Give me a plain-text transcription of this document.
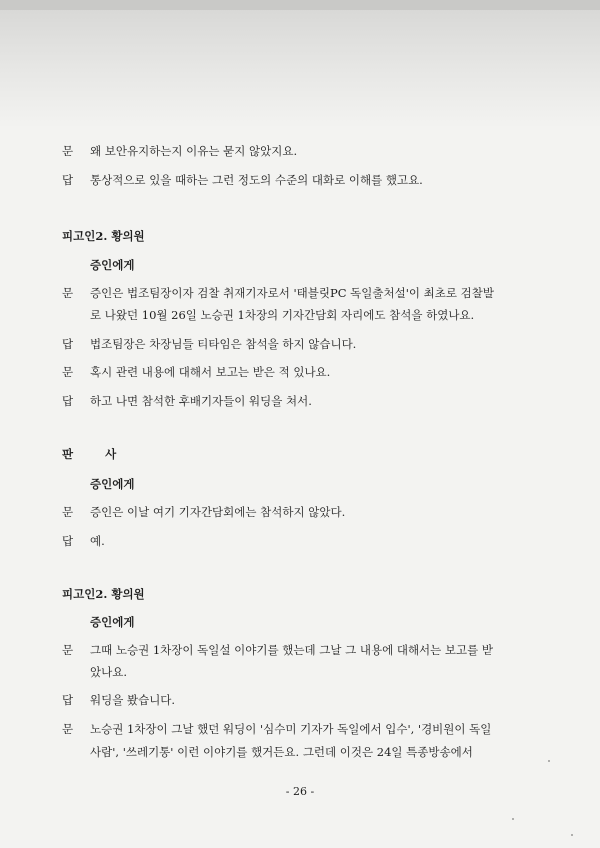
문 왜 보안유지하는지 이유는 묻지 않았지요.
답 통상적으로 있을 때하는 그런 정도의 수준의 대화로 이해를 했고요.
피고인2. 황의원
증인에게
문 증인은 법조팀장이자 검찰 취재기자로서 '태블릿PC 독일출처설'이 최초로 검찰발
로 나왔던 10월 26일 노승권 1차장의 기자간담회 자리에도 참석을 하였나요.
답 법조팀장은 차장님들 티타임은 참석을 하지 않습니다.
문 혹시 관련 내용에 대해서 보고는 받은 적 있나요.
답 하고 나면 참석한 후배기자들이 워딩을 쳐서.
판 사
증인에게
문 증인은 이날 여기 기자간담회에는 참석하지 않았다.
답 예.
피고인2. 황의원
증인에게
문 그때 노승권 1차장이 독일설 이야기를 했는데 그날 그 내용에 대해서는 보고를 받
았나요.
답 워딩을 봤습니다.
문 노승권 1차장이 그날 했던 워딩이 '심수미 기자가 독일에서 입수', '경비원이 독일
사람', '쓰레기통' 이런 이야기를 했거든요. 그런데 이것은 24일 특종방송에서
- 26 -
